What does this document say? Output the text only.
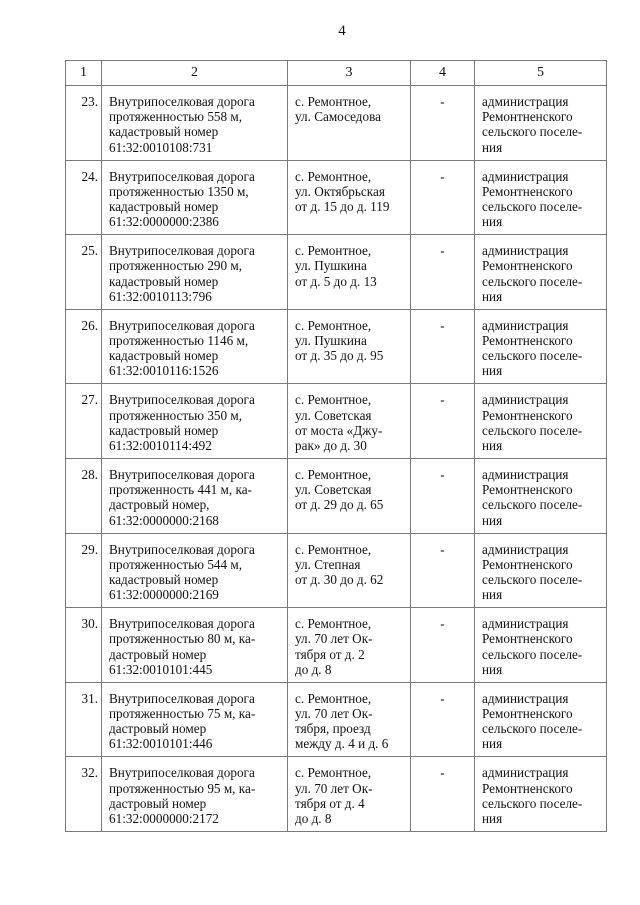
4
1	2	3	4	5
23.	Внутрипоселковая дорога
протяженностью 558 м,
кадастровый номер
61:32:0010108:731	с. Ремонтное,
ул. Самоседова	-	администрация
Ремонтненского
сельского поселе-
ния

24.	Внутрипоселковая дорога
протяженностью 1350 м,
кадастровый номер
61:32:0000000:2386	с. Ремонтное,
ул. Октябрьская
от д. 15 до д. 119	-	администрация
Ремонтненского
сельского поселе-
ния

25.	Внутрипоселковая дорога
протяженностью 290 м,
кадастровый номер
61:32:0010113:796	с. Ремонтное,
ул. Пушкина
от д. 5 до д. 13	-	администрация
Ремонтненского
сельского поселе-
ния

26.	Внутрипоселковая дорога
протяженностью 1146 м,
кадастровый номер
61:32:0010116:1526	с. Ремонтное,
ул. Пушкина
от д. 35 до д. 95	-	администрация
Ремонтненского
сельского поселе-
ния

27.	Внутрипоселковая дорога
протяженностью 350 м,
кадастровый номер
61:32:0010114:492	с. Ремонтное,
ул. Советская
от моста «Джу-
рак» до д. 30	-	администрация
Ремонтненского
сельского поселе-
ния

28.	Внутрипоселковая дорога
протяженность 441 м, ка-
дастровый номер,
61:32:0000000:2168	с. Ремонтное,
ул. Советская
от д. 29 до д. 65	-	администрация
Ремонтненского
сельского поселе-
ния

29.	Внутрипоселковая дорога
протяженностью 544 м,
кадастровый номер
61:32:0000000:2169	с. Ремонтное,
ул. Степная
от д. 30 до д. 62	-	администрация
Ремонтненского
сельского поселе-
ния

30.	Внутрипоселковая дорога
протяженностью 80 м, ка-
дастровый номер
61:32:0010101:445	с. Ремонтное,
ул. 70 лет Ок-
тября от д. 2
до д. 8	-	администрация
Ремонтненского
сельского поселе-
ния

31.	Внутрипоселковая дорога
протяженностью 75 м, ка-
дастровый номер
61:32:0010101:446	с. Ремонтное,
ул. 70 лет Ок-
тября, проезд
между д. 4 и д. 6	-	администрация
Ремонтненского
сельского поселе-
ния

32.	Внутрипоселковая дорога
протяженностью 95 м, ка-
дастровый номер
61:32:0000000:2172	с. Ремонтное,
ул. 70 лет Ок-
тября от д. 4
до д. 8	-	администрация
Ремонтненского
сельского поселе-
ния
